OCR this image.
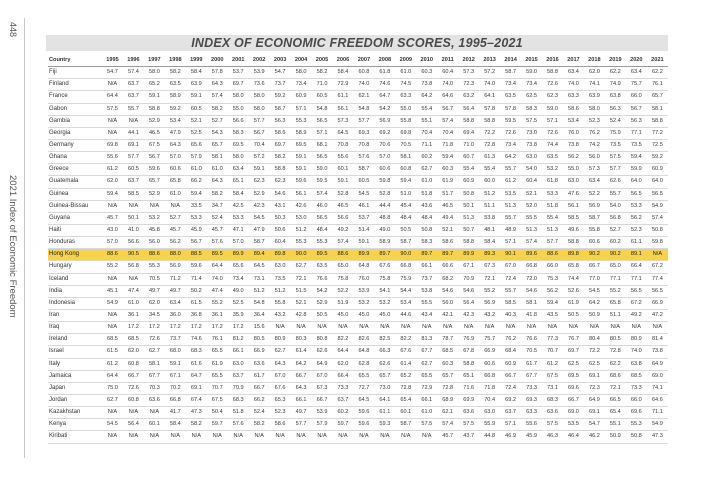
448
2021 Index of Economic Freedom
INDEX OF ECONOMIC FREEDOM SCORES, 1995–2021
Country	1995	1996	1997	1998	1999	2000	2001	2002	2003	2004	2005	2006	2007	2008	2009	2010	2011	2012	2013	2014	2015	2016	2017	2018	2019	2020	2021
Fiji	54.7	57.4	58.0	58.2	58.4	57.8	53.7	53.9	54.7	58.0	58.2	58.4	60.8	61.8	61.0	60.3	60.4	57.3	57.2	58.7	59.0	58.8	63.4	62.0	62.2	63.4	62.2
Finland	N/A	63.7	65.2	63.5	63.9	64.3	69.7	73.6	73.7	73.4	71.0	72.9	74.0	74.6	74.5	73.8	74.0	72.3	74.0	73.4	73.4	72.6	74.0	74.1	74.9	75.7	76.1
France	64.4	63.7	59.1	58.9	59.1	57.4	58.0	58.0	59.2	60.9	60.5	61.1	62.1	64.7	63.3	64.2	64.6	63.2	64.1	63.5	62.5	62.3	63.3	63.9	63.8	66.0	65.7
Gabon	57.5	55.7	58.8	59.2	60.5	58.2	55.0	58.0	58.7	57.1	54.8	56.1	54.8	54.2	55.0	55.4	56.7	56.4	57.8	57.8	58.3	59.0	58.6	58.0	56.3	56.7	58.1
Gambia	N/A	N/A	52.9	53.4	52.1	52.7	56.6	57.7	56.3	55.3	56.5	57.3	57.7	56.9	55.8	55.1	57.4	58.8	58.8	59.5	57.5	57.1	53.4	52.3	52.4	56.3	58.8
Georgia	N/A	44.1	46.5	47.9	52.5	54.3	58.3	56.7	58.6	58.9	57.1	64.5	69.3	69.2	69.8	70.4	70.4	69.4	72.2	72.6	73.0	72.6	76.0	76.2	75.9	77.1	77.2
Germany	69.8	69.1	67.5	64.3	65.6	65.7	69.5	70.4	69.7	69.5	68.1	70.8	70.8	70.6	70.5	71.1	71.8	71.0	72.8	73.4	73.8	74.4	73.8	74.2	73.5	73.5	72.5
Ghana	55.6	57.7	56.7	57.0	57.9	58.1	58.0	57.2	58.2	59.1	56.5	55.6	57.6	57.0	58.1	60.2	59.4	60.7	61.3	64.2	63.0	63.5	56.2	56.0	57.5	59.4	59.2
Greece	61.2	60.5	59.6	60.6	61.0	61.0	63.4	59.1	58.8	59.1	59.0	60.1	58.7	60.6	60.8	62.7	60.3	55.4	55.4	55.7	54.0	53.2	55.0	57.3	57.7	59.9	60.9
Guatemala	62.0	63.7	65.7	65.8	66.2	64.3	65.1	62.3	62.3	59.6	59.5	59.1	60.5	59.8	59.4	61.0	61.9	60.9	60.0	61.2	60.4	61.8	63.0	63.4	62.6	64.0	64.0
Guinea	59.4	58.5	52.9	61.0	59.4	58.2	58.4	52.9	54.6	56.1	57.4	52.8	54.5	52.8	51.0	51.8	51.7	50.8	51.2	53.5	52.1	53.3	47.6	52.2	55.7	56.5	56.5
Guinea-Bissau	N/A	N/A	N/A	N/A	33.5	34.7	42.5	42.3	43.1	42.6	46.0	46.5	46.1	44.4	45.4	43.6	46.5	50.1	51.1	51.3	52.0	51.8	56.1	56.9	54.0	53.3	54.9
Guyana	45.7	50.1	53.2	52.7	53.3	52.4	53.3	54.5	50.3	53.0	56.5	56.6	53.7	48.8	48.4	48.4	49.4	51.3	53.8	55.7	55.5	55.4	58.5	58.7	56.8	56.2	57.4
Haiti	43.0	41.0	45.8	45.7	45.9	45.7	47.1	47.9	50.6	51.2	48.4	49.2	51.4	49.0	50.5	50.8	52.1	50.7	48.1	48.9	51.3	51.3	49.6	55.8	52.7	52.3	50.8
Honduras	57.0	56.6	56.0	56.2	56.7	57.6	57.0	58.7	60.4	55.3	55.3	57.4	59.1	58.9	58.7	58.3	58.6	58.8	58.4	57.1	57.4	57.7	58.8	60.6	60.2	61.1	59.8
Hong Kong	88.6	90.5	88.6	88.0	88.5	89.5	89.9	89.4	89.8	90.0	89.5	88.6	89.9	89.7	90.0	89.7	89.7	89.9	89.3	90.1	89.6	88.6	89.8	90.2	90.2	89.1	N/A
Hungary	55.2	56.8	55.3	56.9	59.6	64.4	65.6	64.5	63.0	62.7	63.5	65.0	64.8	67.6	66.8	66.1	66.6	67.1	67.3	67.0	66.8	66.0	65.8	66.7	65.0	66.4	67.2
Iceland	N/A	N/A	70.5	71.2	71.4	74.0	73.4	73.1	73.5	72.1	76.6	75.8	76.0	75.8	75.9	73.7	68.2	70.9	72.1	72.4	72.0	75.3	74.4	77.0	77.1	77.1	77.4
India	45.1	47.4	49.7	49.7	50.2	47.4	49.0	51.2	51.2	51.5	54.2	52.2	53.9	54.1	54.4	53.8	54.6	54.6	55.2	55.7	54.6	56.2	52.6	54.5	55.2	56.5	56.5
Indonesia	54.9	61.0	62.0	63.4	61.5	55.2	52.5	54.8	55.8	52.1	52.9	51.9	53.2	53.2	53.4	55.5	56.0	56.4	56.9	58.5	58.1	59.4	61.9	64.2	65.8	67.2	66.9
Iran	N/A	36.1	34.5	36.0	36.8	36.1	35.9	36.4	43.2	42.8	50.5	45.0	45.0	45.0	44.6	43.4	42.1	42.3	43.2	40.3	41.8	43.5	50.5	50.9	51.1	49.2	47.2
Iraq	N/A	17.2	17.2	17.2	17.2	17.2	17.2	15.6	N/A	N/A	N/A	N/A	N/A	N/A	N/A	N/A	N/A	N/A	N/A	N/A	N/A	N/A	N/A	N/A	N/A	N/A	N/A
Ireland	68.5	68.5	72.6	73.7	74.6	76.1	81.2	80.5	80.9	80.3	80.8	82.2	82.6	82.5	82.2	81.3	78.7	76.9	75.7	76.2	76.6	77.3	76.7	80.4	80.5	80.9	81.4
Israel	61.5	62.0	62.7	68.0	68.3	65.5	66.1	66.9	62.7	61.4	62.6	64.4	64.8	66.3	67.6	67.7	68.5	67.8	66.9	68.4	70.5	70.7	69.7	72.2	72.8	74.0	73.8
Italy	61.2	60.8	58.1	59.1	61.6	61.9	63.0	63.6	64.3	64.2	64.9	62.0	62.8	62.6	61.4	62.7	60.3	58.8	60.6	60.9	61.7	61.2	62.5	62.5	62.2	63.8	64.9
Jamaica	64.4	66.7	67.7	67.1	64.7	65.5	63.7	61.7	67.0	66.7	67.0	66.4	65.5	65.7	65.2	65.5	65.7	65.1	66.8	66.7	67.7	67.5	69.5	69.1	68.6	68.5	69.0
Japan	75.0	72.6	70.3	70.2	69.1	70.7	70.9	66.7	67.6	64.3	67.3	73.3	72.7	73.0	72.8	72.9	72.8	71.6	71.8	72.4	73.3	73.1	69.6	72.3	72.1	73.3	74.1
Jordan	62.7	60.8	63.6	66.8	67.4	67.5	68.3	66.2	65.3	66.1	66.7	63.7	64.5	64.1	65.4	66.1	68.9	69.9	70.4	69.2	69.3	68.3	66.7	64.9	66.5	66.0	64.6
Kazakhstan	N/A	N/A	N/A	41.7	47.3	50.4	51.8	52.4	52.3	49.7	53.9	60.2	59.6	61.1	60.1	61.0	62.1	63.6	63.0	63.7	63.3	63.6	69.0	69.1	65.4	69.6	71.1
Kenya	54.5	56.4	60.1	58.4	58.2	59.7	57.6	58.2	58.6	57.7	57.9	59.7	59.6	59.3	58.7	57.5	57.4	57.5	55.9	57.1	55.6	57.5	53.5	54.7	55.1	55.3	54.9
Kiribati	N/A	N/A	N/A	N/A	N/A	N/A	N/A	N/A	N/A	N/A	N/A	N/A	N/A	N/A	N/A	N/A	45.7	43.7	44.8	46.9	45.9	46.3	46.4	46.2	50.9	50.8	47.3
